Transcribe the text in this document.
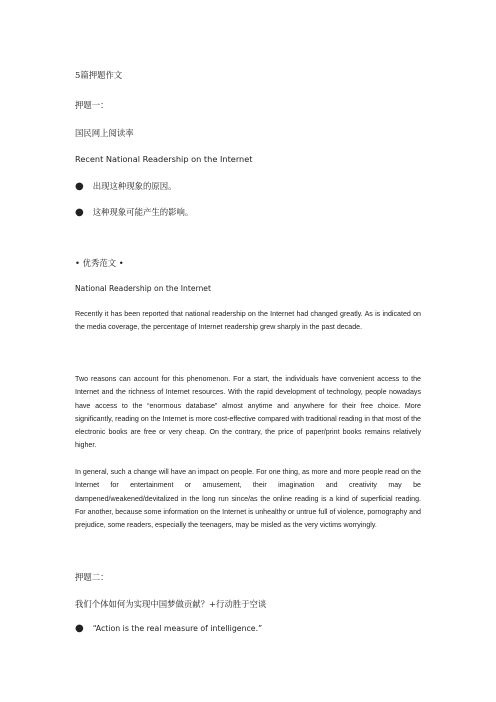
5篇押题作文
押题一：
国民网上阅读率
Recent National Readership on the Internet
● 出现这种现象的原因。
● 这种现象可能产生的影响。
• 优秀范文 •
National Readership on the Internet
Recently it has been reported that national readership on the Internet had changed greatly. As is indicated on the media coverage, the percentage of Internet readership grew sharply in the past decade.
Two reasons can account for this phenomenon. For a start, the individuals have convenient access to the Internet and the richness of Internet resources. With the rapid development of technology, people nowadays have access to the “enormous database” almost anytime and anywhere for their free choice. More significantly, reading on the Internet is more cost-effective compared with traditional reading in that most of the electronic books are free or very cheap. On the contrary, the price of paper/print books remains relatively higher.
In general, such a change will have an impact on people. For one thing, as more and more people read on the Internet for entertainment or amusement, their imagination and creativity may be dampened/weakened/devitalized in the long run since/as the online reading is a kind of superficial reading. For another, because some information on the Internet is unhealthy or untrue full of violence, pornography and prejudice, some readers, especially the teenagers, may be misled as the very victims worryingly.
押题二：
我们个体如何为实现中国梦做贡献？+行动胜于空谈
● “Action is the real measure of intelligence.”
